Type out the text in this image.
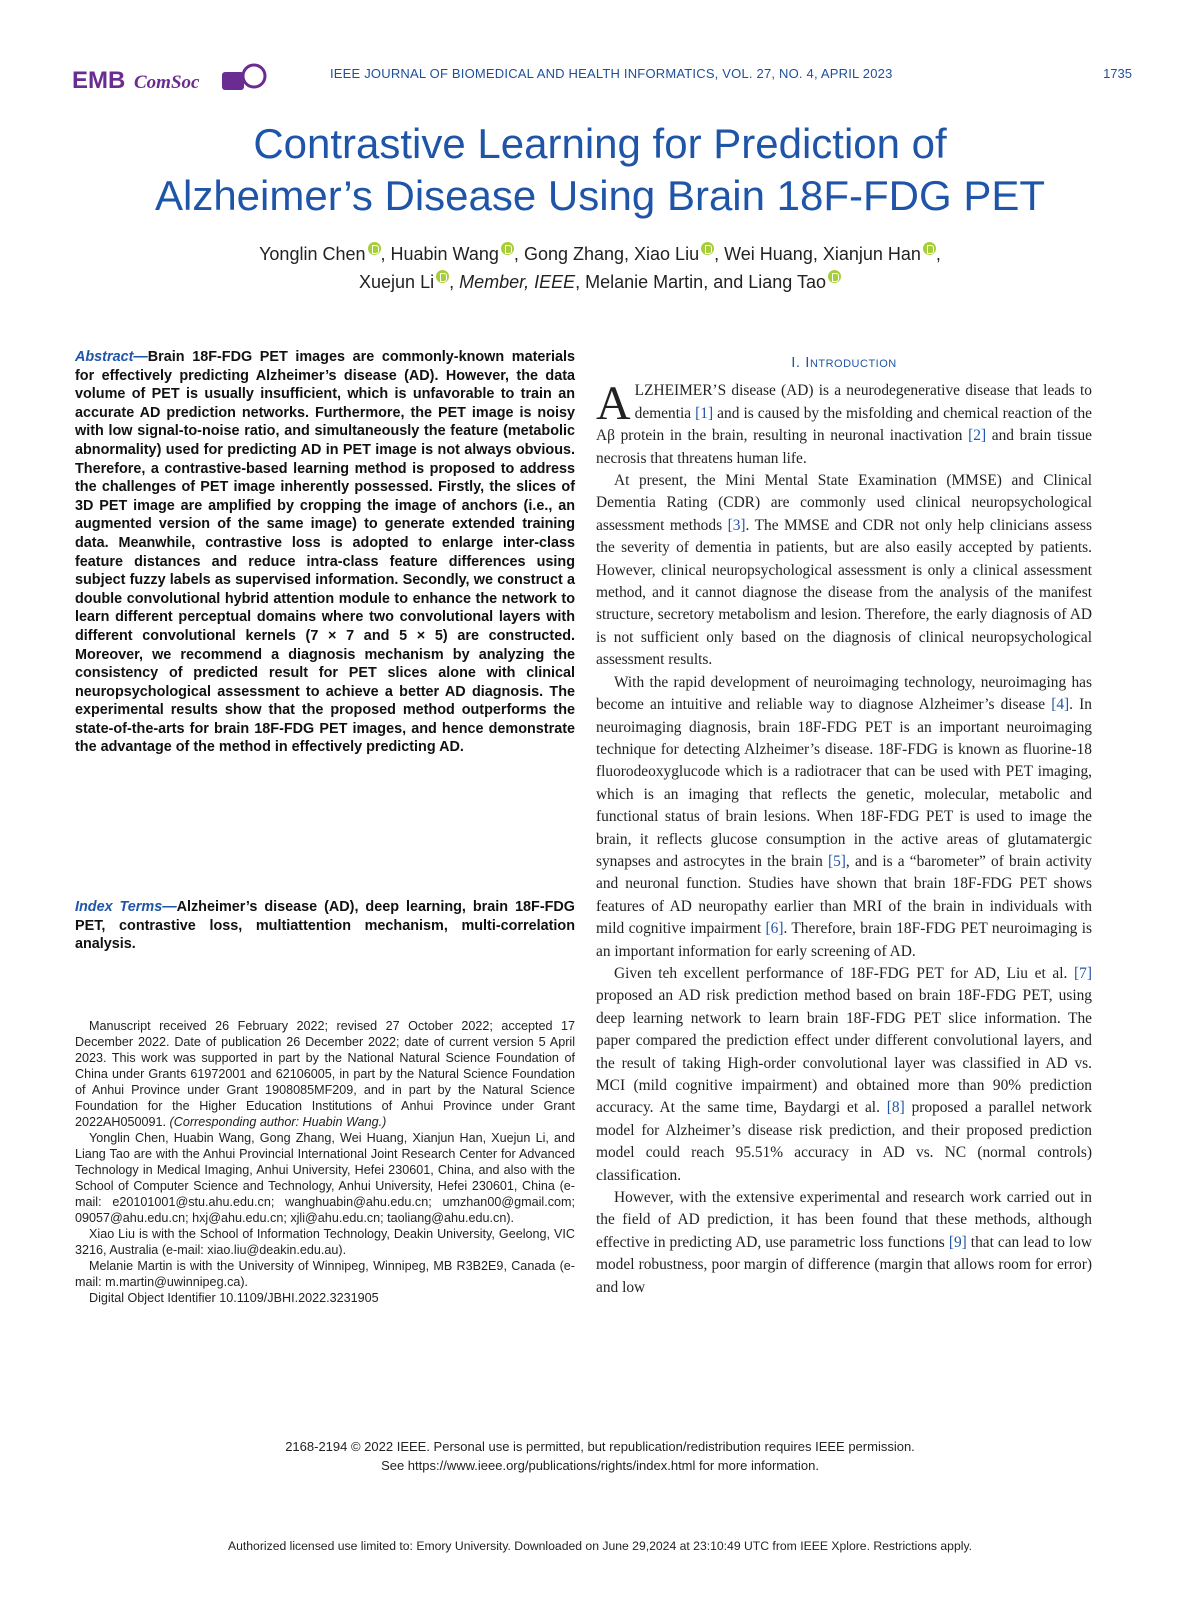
EMB ComSoc	IEEE JOURNAL OF BIOMEDICAL AND HEALTH INFORMATICS, VOL. 27, NO. 4, APRIL 2023	1735
Contrastive Learning for Prediction of
Alzheimer’s Disease Using Brain 18F-FDG PET
Yonglin Chen , Huabin Wang , Gong Zhang, Xiao Liu , Wei Huang, Xianjun Han ,
Xuejun Li , Member, IEEE, Melanie Martin, and Liang Tao
Abstract—Brain 18F-FDG PET images are commonly-known materials for effectively predicting Alzheimer’s disease (AD). However, the data volume of PET is usually insufficient, which is unfavorable to train an accurate AD prediction networks. Furthermore, the PET image is noisy with low signal-to-noise ratio, and simultaneously the feature (metabolic abnormality) used for predicting AD in PET image is not always obvious. Therefore, a contrastive-based learning method is proposed to address the challenges of PET image inherently possessed. Firstly, the slices of 3D PET image are amplified by cropping the image of anchors (i.e., an augmented version of the same image) to generate extended training data. Meanwhile, contrastive loss is adopted to enlarge inter-class feature distances and reduce intra-class feature differences using subject fuzzy labels as supervised information. Secondly, we construct a double convolutional hybrid attention module to enhance the network to learn different perceptual domains where two convolutional layers with different convolutional kernels (7 × 7 and 5 × 5) are constructed. Moreover, we recommend a diagnosis mechanism by analyzing the consistency of predicted result for PET slices alone with clinical neuropsychological assessment to achieve a better AD diagnosis. The experimental results show that the proposed method outperforms the state-of-the-arts for brain 18F-FDG PET images, and hence demonstrate the advantage of the method in effectively predicting AD.
Index Terms—Alzheimer’s disease (AD), deep learning, brain 18F-FDG PET, contrastive loss, multiattention mechanism, multi-correlation analysis.

Manuscript received 26 February 2022; revised 27 October 2022; accepted 17 December 2022. Date of publication 26 December 2022; date of current version 5 April 2023. This work was supported in part by the National Natural Science Foundation of China under Grants 61972001 and 62106005, in part by the Natural Science Foundation of Anhui Province under Grant 1908085MF209, and in part by the Natural Science Foundation for the Higher Education Institutions of Anhui Province under Grant 2022AH050091. (Corresponding author: Huabin Wang.)

Yonglin Chen, Huabin Wang, Gong Zhang, Wei Huang, Xianjun Han, Xuejun Li, and Liang Tao are with the Anhui Provincial International Joint Research Center for Advanced Technology in Medical Imaging, Anhui University, Hefei 230601, China, and also with the School of Computer Science and Technology, Anhui University, Hefei 230601, China (e-mail: e20101001@stu.ahu.edu.cn; wanghuabin@ahu.edu.cn; umzhan00@gmail.com; 09057@ahu.edu.cn; hxj@ahu.edu.cn; xjli@ahu.edu.cn; taoliang@ahu.edu.cn).

Xiao Liu is with the School of Information Technology, Deakin University, Geelong, VIC 3216, Australia (e-mail: xiao.liu@deakin.edu.au).

Melanie Martin is with the University of Winnipeg, Winnipeg, MB R3B2E9, Canada (e-mail: m.martin@uwinnipeg.ca).

Digital Object Identifier 10.1109/JBHI.2022.3231905

I. Introduction

ALZHEIMER’S disease (AD) is a neurodegenerative disease that leads to dementia [1] and is caused by the misfolding and chemical reaction of the Aβ protein in the brain, resulting in neuronal inactivation [2] and brain tissue necrosis that threatens human life.

At present, the Mini Mental State Examination (MMSE) and Clinical Dementia Rating (CDR) are commonly used clinical neuropsychological assessment methods [3]. The MMSE and CDR not only help clinicians assess the severity of dementia in patients, but are also easily accepted by patients. However, clinical neuropsychological assessment is only a clinical assessment method, and it cannot diagnose the disease from the analysis of the manifest structure, secretory metabolism and lesion. Therefore, the early diagnosis of AD is not sufficient only based on the diagnosis of clinical neuropsychological assessment results.

With the rapid development of neuroimaging technology, neuroimaging has become an intuitive and reliable way to diagnose Alzheimer’s disease [4]. In neuroimaging diagnosis, brain 18F-FDG PET is an important neuroimaging technique for detecting Alzheimer’s disease. 18F-FDG is known as fluorine-18 fluorodeoxyglucode which is a radiotracer that can be used with PET imaging, which is an imaging that reflects the genetic, molecular, metabolic and functional status of brain lesions. When 18F-FDG PET is used to image the brain, it reflects glucose consumption in the active areas of glutamatergic synapses and astrocytes in the brain [5], and is a “barometer” of brain activity and neuronal function. Studies have shown that brain 18F-FDG PET shows features of AD neuropathy earlier than MRI of the brain in individuals with mild cognitive impairment [6]. Therefore, brain 18F-FDG PET neuroimaging is an important information for early screening of AD.

Given teh excellent performance of 18F-FDG PET for AD, Liu et al. [7] proposed an AD risk prediction method based on brain 18F-FDG PET, using deep learning network to learn brain 18F-FDG PET slice information. The paper compared the prediction effect under different convolutional layers, and the result of taking High-order convolutional layer was classified in AD vs. MCI (mild cognitive impairment) and obtained more than 90% prediction accuracy. At the same time, Baydargi et al. [8] proposed a parallel network model for Alzheimer’s disease risk prediction, and their proposed prediction model could reach 95.51% accuracy in AD vs. NC (normal controls) classification.

However, with the extensive experimental and research work carried out in the field of AD prediction, it has been found that these methods, although effective in predicting AD, use parametric loss functions [9] that can lead to low model robustness, poor margin of difference (margin that allows room for error) and low

2168-2194 © 2022 IEEE. Personal use is permitted, but republication/redistribution requires IEEE permission.
See https://www.ieee.org/publications/rights/index.html for more information.
Authorized licensed use limited to: Emory University. Downloaded on June 29,2024 at 23:10:49 UTC from IEEE Xplore. Restrictions apply.
